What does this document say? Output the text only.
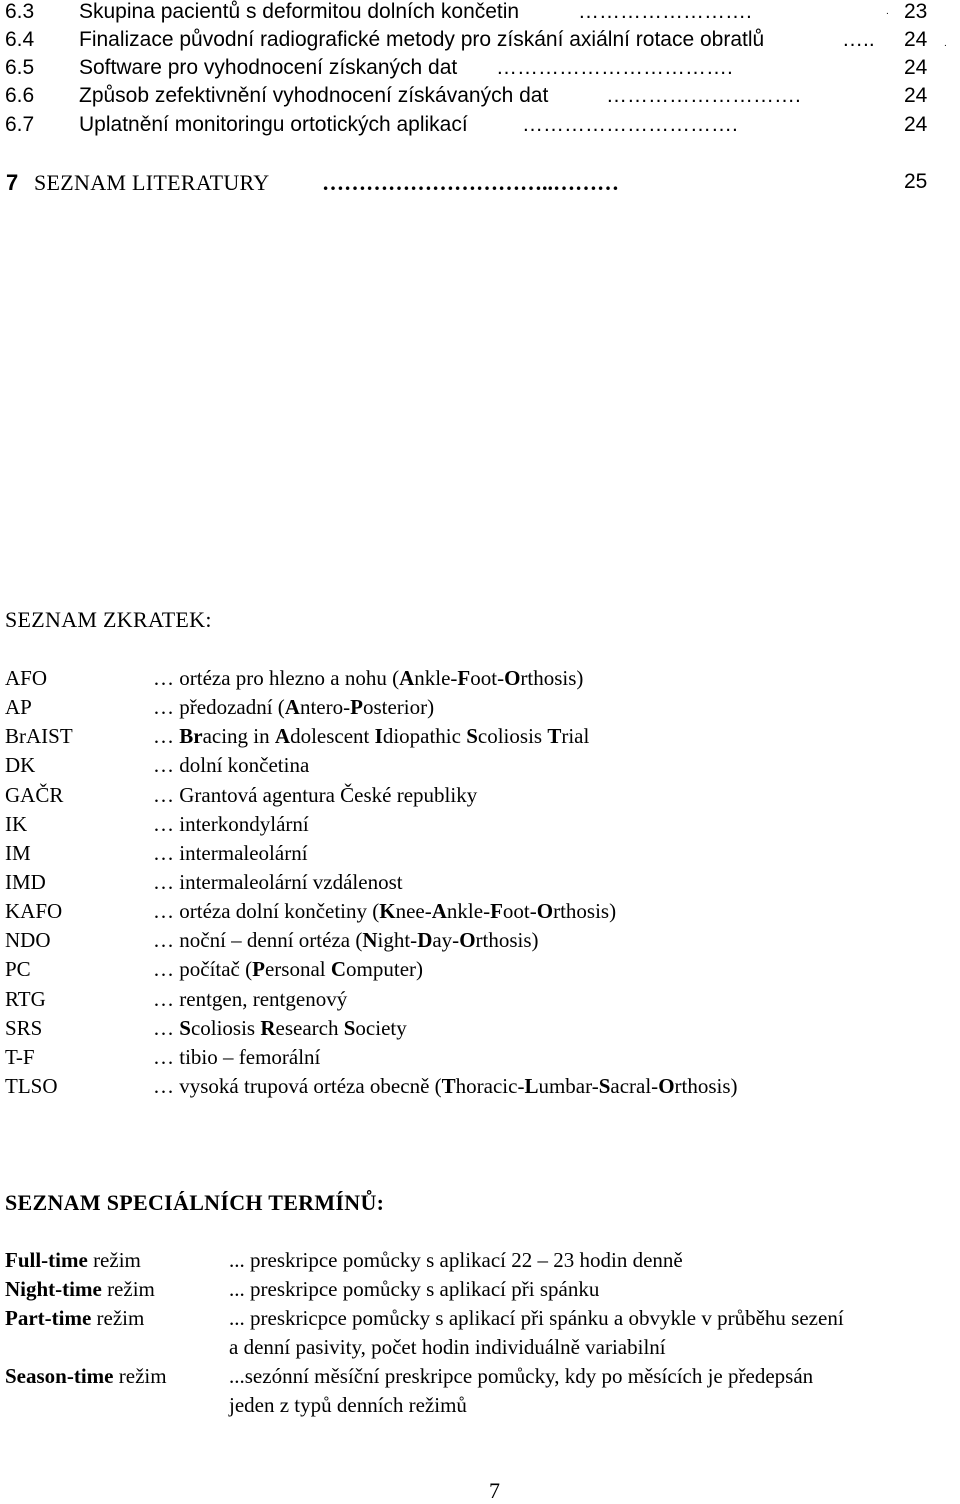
6.3 Skupina pacientů s deformitou dolních končetin	…………………….	23
.
6.4 Finalizace původní radiografické metody pro získání axiální rotace obratlů	…..	24 .
6.5 Software pro vyhodnocení získaných dat …………………………….	24
6.6 Způsob zefektivnění vyhodnocení získávaných dat	……………………….	24
6.7 Uplatnění monitoringu ortotických aplikací	………………………….	24
7 SEZNAM LITERATURY …………………………..………	25
SEZNAM ZKRATEK:
AFO	… ortéza pro hlezno a nohu (Ankle-Foot-Orthosis)
AP	… předozadní (Antero-Posterior)
BrAIST	… Bracing in Adolescent Idiopathic Scoliosis Trial
DK	… dolní končetina
GAČR	… Grantová agentura České republiky
IK	… interkondylární
IM	… intermaleolární
IMD	… intermaleolární vzdálenost
KAFO	… ortéza dolní končetiny (Knee-Ankle-Foot-Orthosis)
NDO	… noční – denní ortéza (Night-Day-Orthosis)
PC	… počítač (Personal Computer)
RTG	… rentgen, rentgenový
SRS	… Scoliosis Research Society
T-F	… tibio – femorální
TLSO	… vysoká trupová ortéza obecně (Thoracic-Lumbar-Sacral-Orthosis)
SEZNAM SPECIÁLNÍCH TERMÍNŮ:
Full-time režim	... preskripce pomůcky s aplikací 22 – 23 hodin denně
Night-time režim	... preskripce pomůcky s aplikací při spánku
Part-time režim	... preskricpce pomůcky s aplikací při spánku a obvykle v průběhu sezení
a denní pasivity, počet hodin individuálně variabilní
Season-time režim	...sezónní měsíční preskripce pomůcky, kdy po měsících je předepsán
jeden z typů denních režimů
7
